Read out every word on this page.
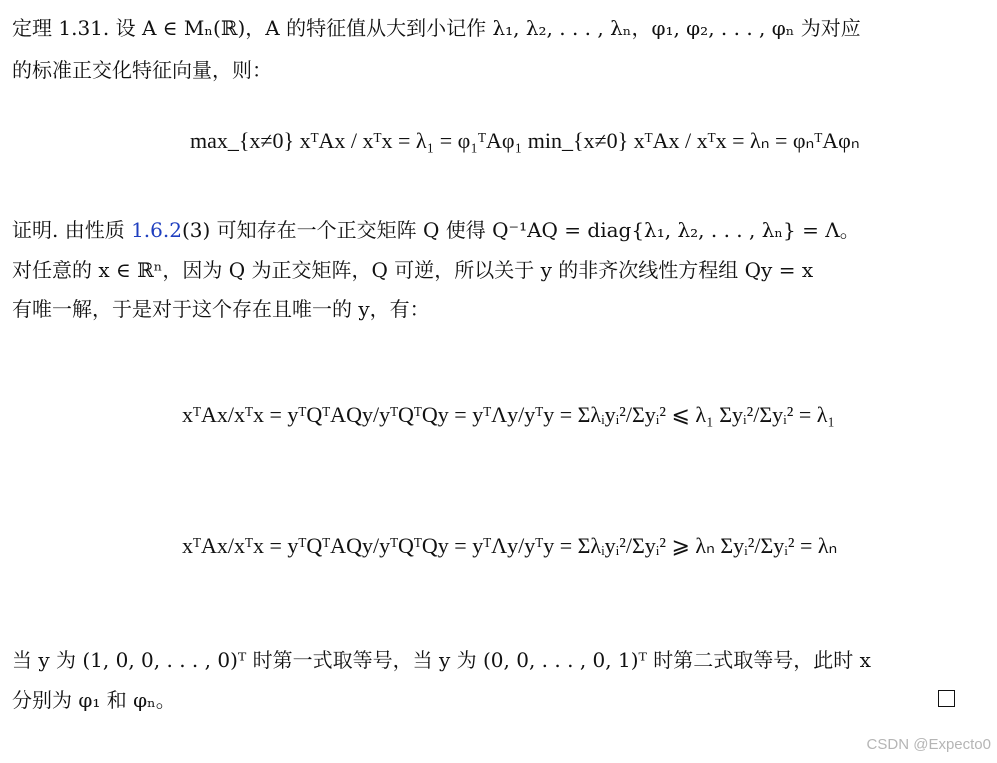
定理 1.31. 设 A ∈ Mₙ(ℝ)，A 的特征值从大到小记作 λ₁, λ₂, . . . , λₙ，φ₁, φ₂, . . . , φₙ 为对应
的标准正交化特征向量，则：
max_{x≠0} xᵀAx / xᵀx = λ₁ = φ₁ᵀAφ₁ min_{x≠0} xᵀAx / xᵀx = λₙ = φₙᵀAφₙ
证明. 由性质 1.6.2(3) 可知存在一个正交矩阵 Q 使得 Q⁻¹AQ = diag{λ₁, λ₂, . . . , λₙ} = Λ。
对任意的 x ∈ ℝⁿ，因为 Q 为正交矩阵，Q 可逆，所以关于 y 的非齐次线性方程组 Qy = x
有唯一解，于是对于这个存在且唯一的 y，有：
xᵀAx/xᵀx = yᵀQᵀAQy/yᵀQᵀQy = yᵀΛy/yᵀy = Σλᵢyᵢ²/Σyᵢ² ⩽ λ₁ Σyᵢ²/Σyᵢ² = λ₁
xᵀAx/xᵀx = yᵀQᵀAQy/yᵀQᵀQy = yᵀΛy/yᵀy = Σλᵢyᵢ²/Σyᵢ² ⩾ λₙ Σyᵢ²/Σyᵢ² = λₙ
当 y 为 (1, 0, 0, . . . , 0)ᵀ 时第一式取等号，当 y 为 (0, 0, . . . , 0, 1)ᵀ 时第二式取等号，此时 x
分别为 φ₁ 和 φₙ。
CSDN @Expecto0
